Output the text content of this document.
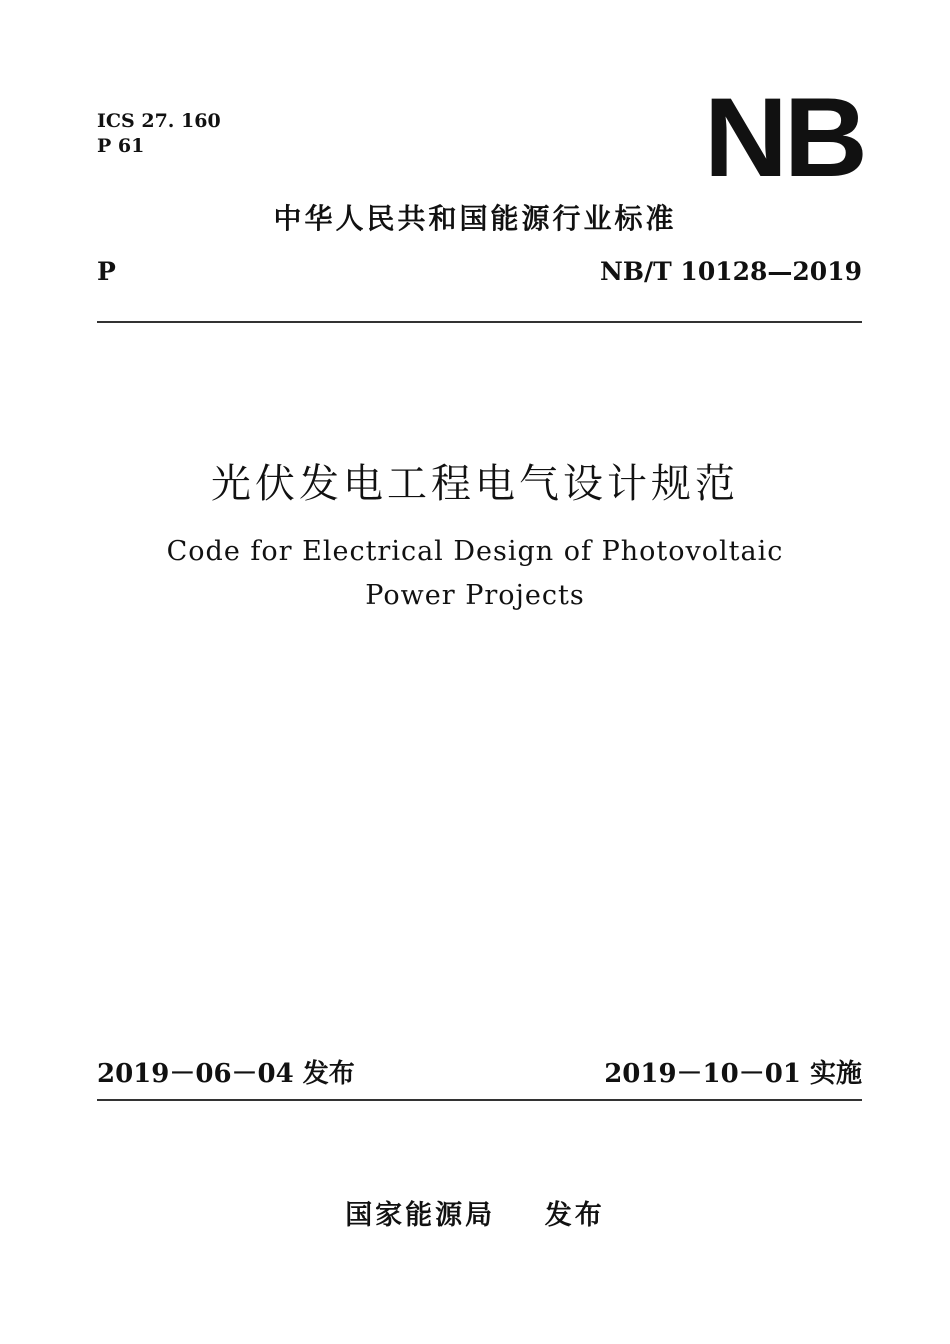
ICS 27. 160
P 61	NB
中华人民共和国能源行业标准
P	NB/T 10128—2019
光伏发电工程电气设计规范
Code for Electrical Design of Photovoltaic
Power Projects
2019－06－04 发布	2019－10－01 实施
国家能源局 发布
